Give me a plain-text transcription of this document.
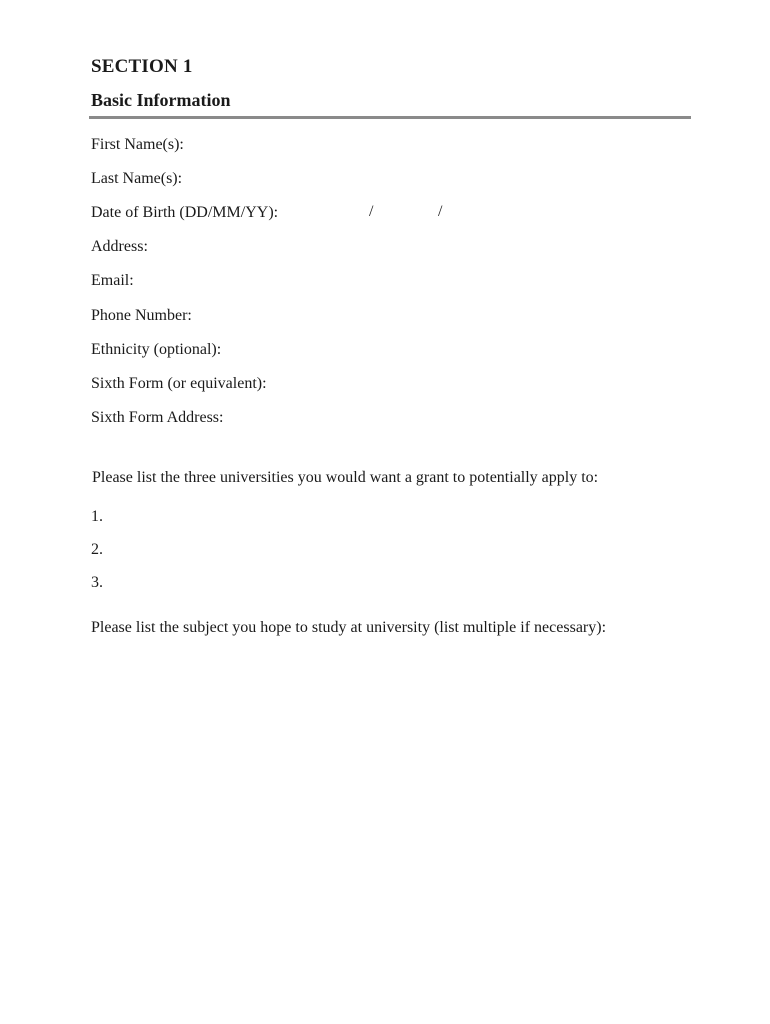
SECTION 1
Basic Information
First Name(s):
Last Name(s):
Date of Birth (DD/MM/YY):	/	/
Address:
Email:
Phone Number:
Ethnicity (optional):
Sixth Form (or equivalent):
Sixth Form Address:
Please list the three universities you would want a grant to potentially apply to:
1.
2.
3.
Please list the subject you hope to study at university (list multiple if necessary):
